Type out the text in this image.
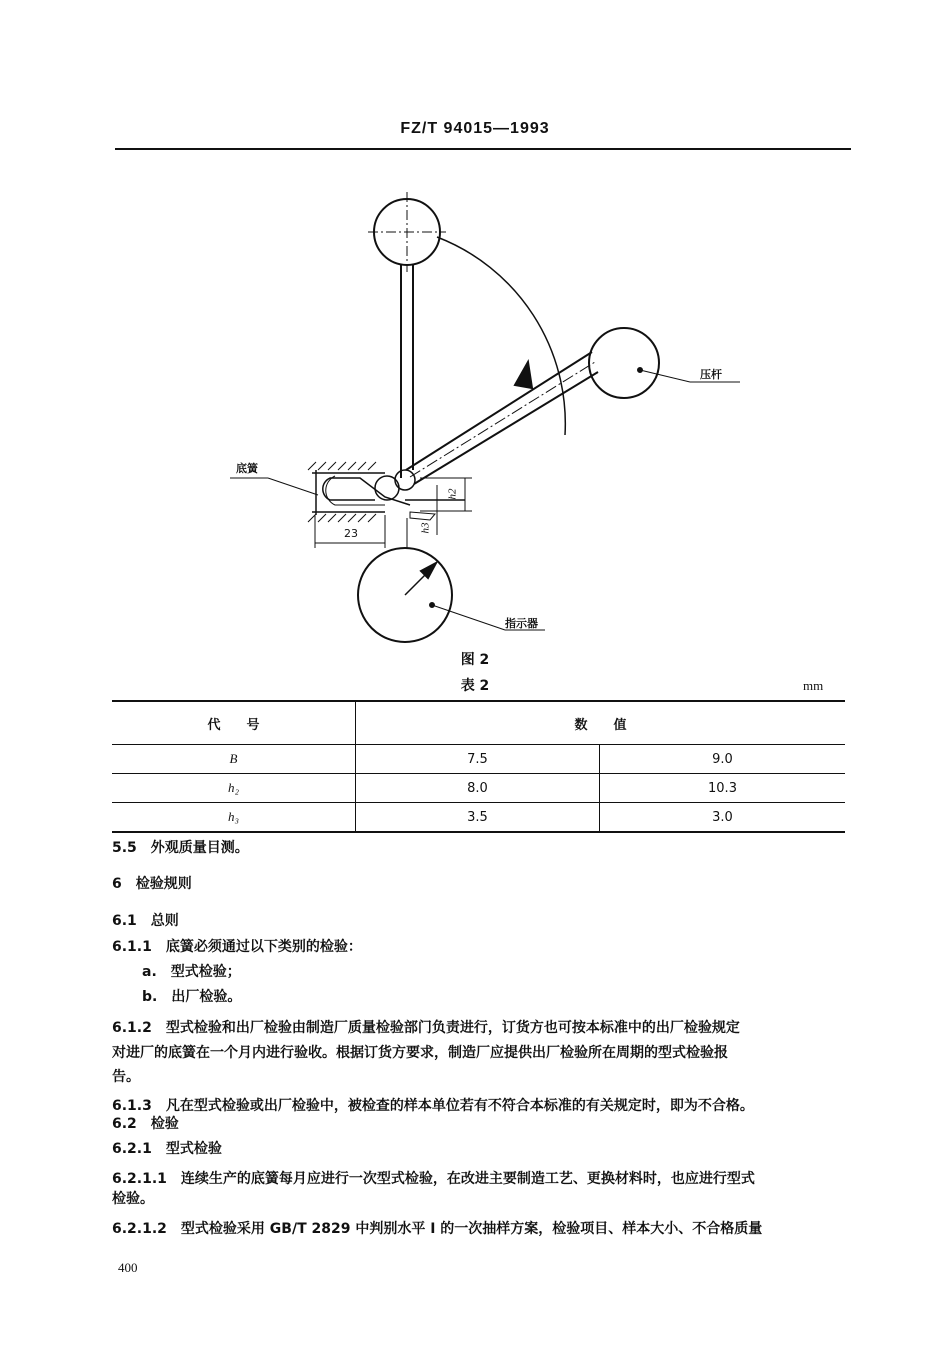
FZ/T 94015—1993
压杆
底簧
23
h2
h3
指示器
图 2
表 2	mm
代　　号	数　　值	
B	7.5	9.0
h₂	8.0	10.3
h₃	3.5	3.0
5.5　外观质量目测。
6　检验规则
6.1　总则
6.1.1　底簧必须通过以下类别的检验：
a.　型式检验；
b.　出厂检验。
6.1.2　型式检验和出厂检验由制造厂质量检验部门负责进行，订货方也可按本标准中的出厂检验规定
对进厂的底簧在一个月内进行验收。根据订货方要求，制造厂应提供出厂检验所在周期的型式检验报
告。
6.1.3　凡在型式检验或出厂检验中，被检查的样本单位若有不符合本标准的有关规定时，即为不合格。
6.2　检验
6.2.1　型式检验
6.2.1.1　连续生产的底簧每月应进行一次型式检验，在改进主要制造工艺、更换材料时，也应进行型式
检验。
6.2.1.2　型式检验采用 GB/T 2829 中判别水平 Ⅰ 的一次抽样方案，检验项目、样本大小、不合格质量
400
